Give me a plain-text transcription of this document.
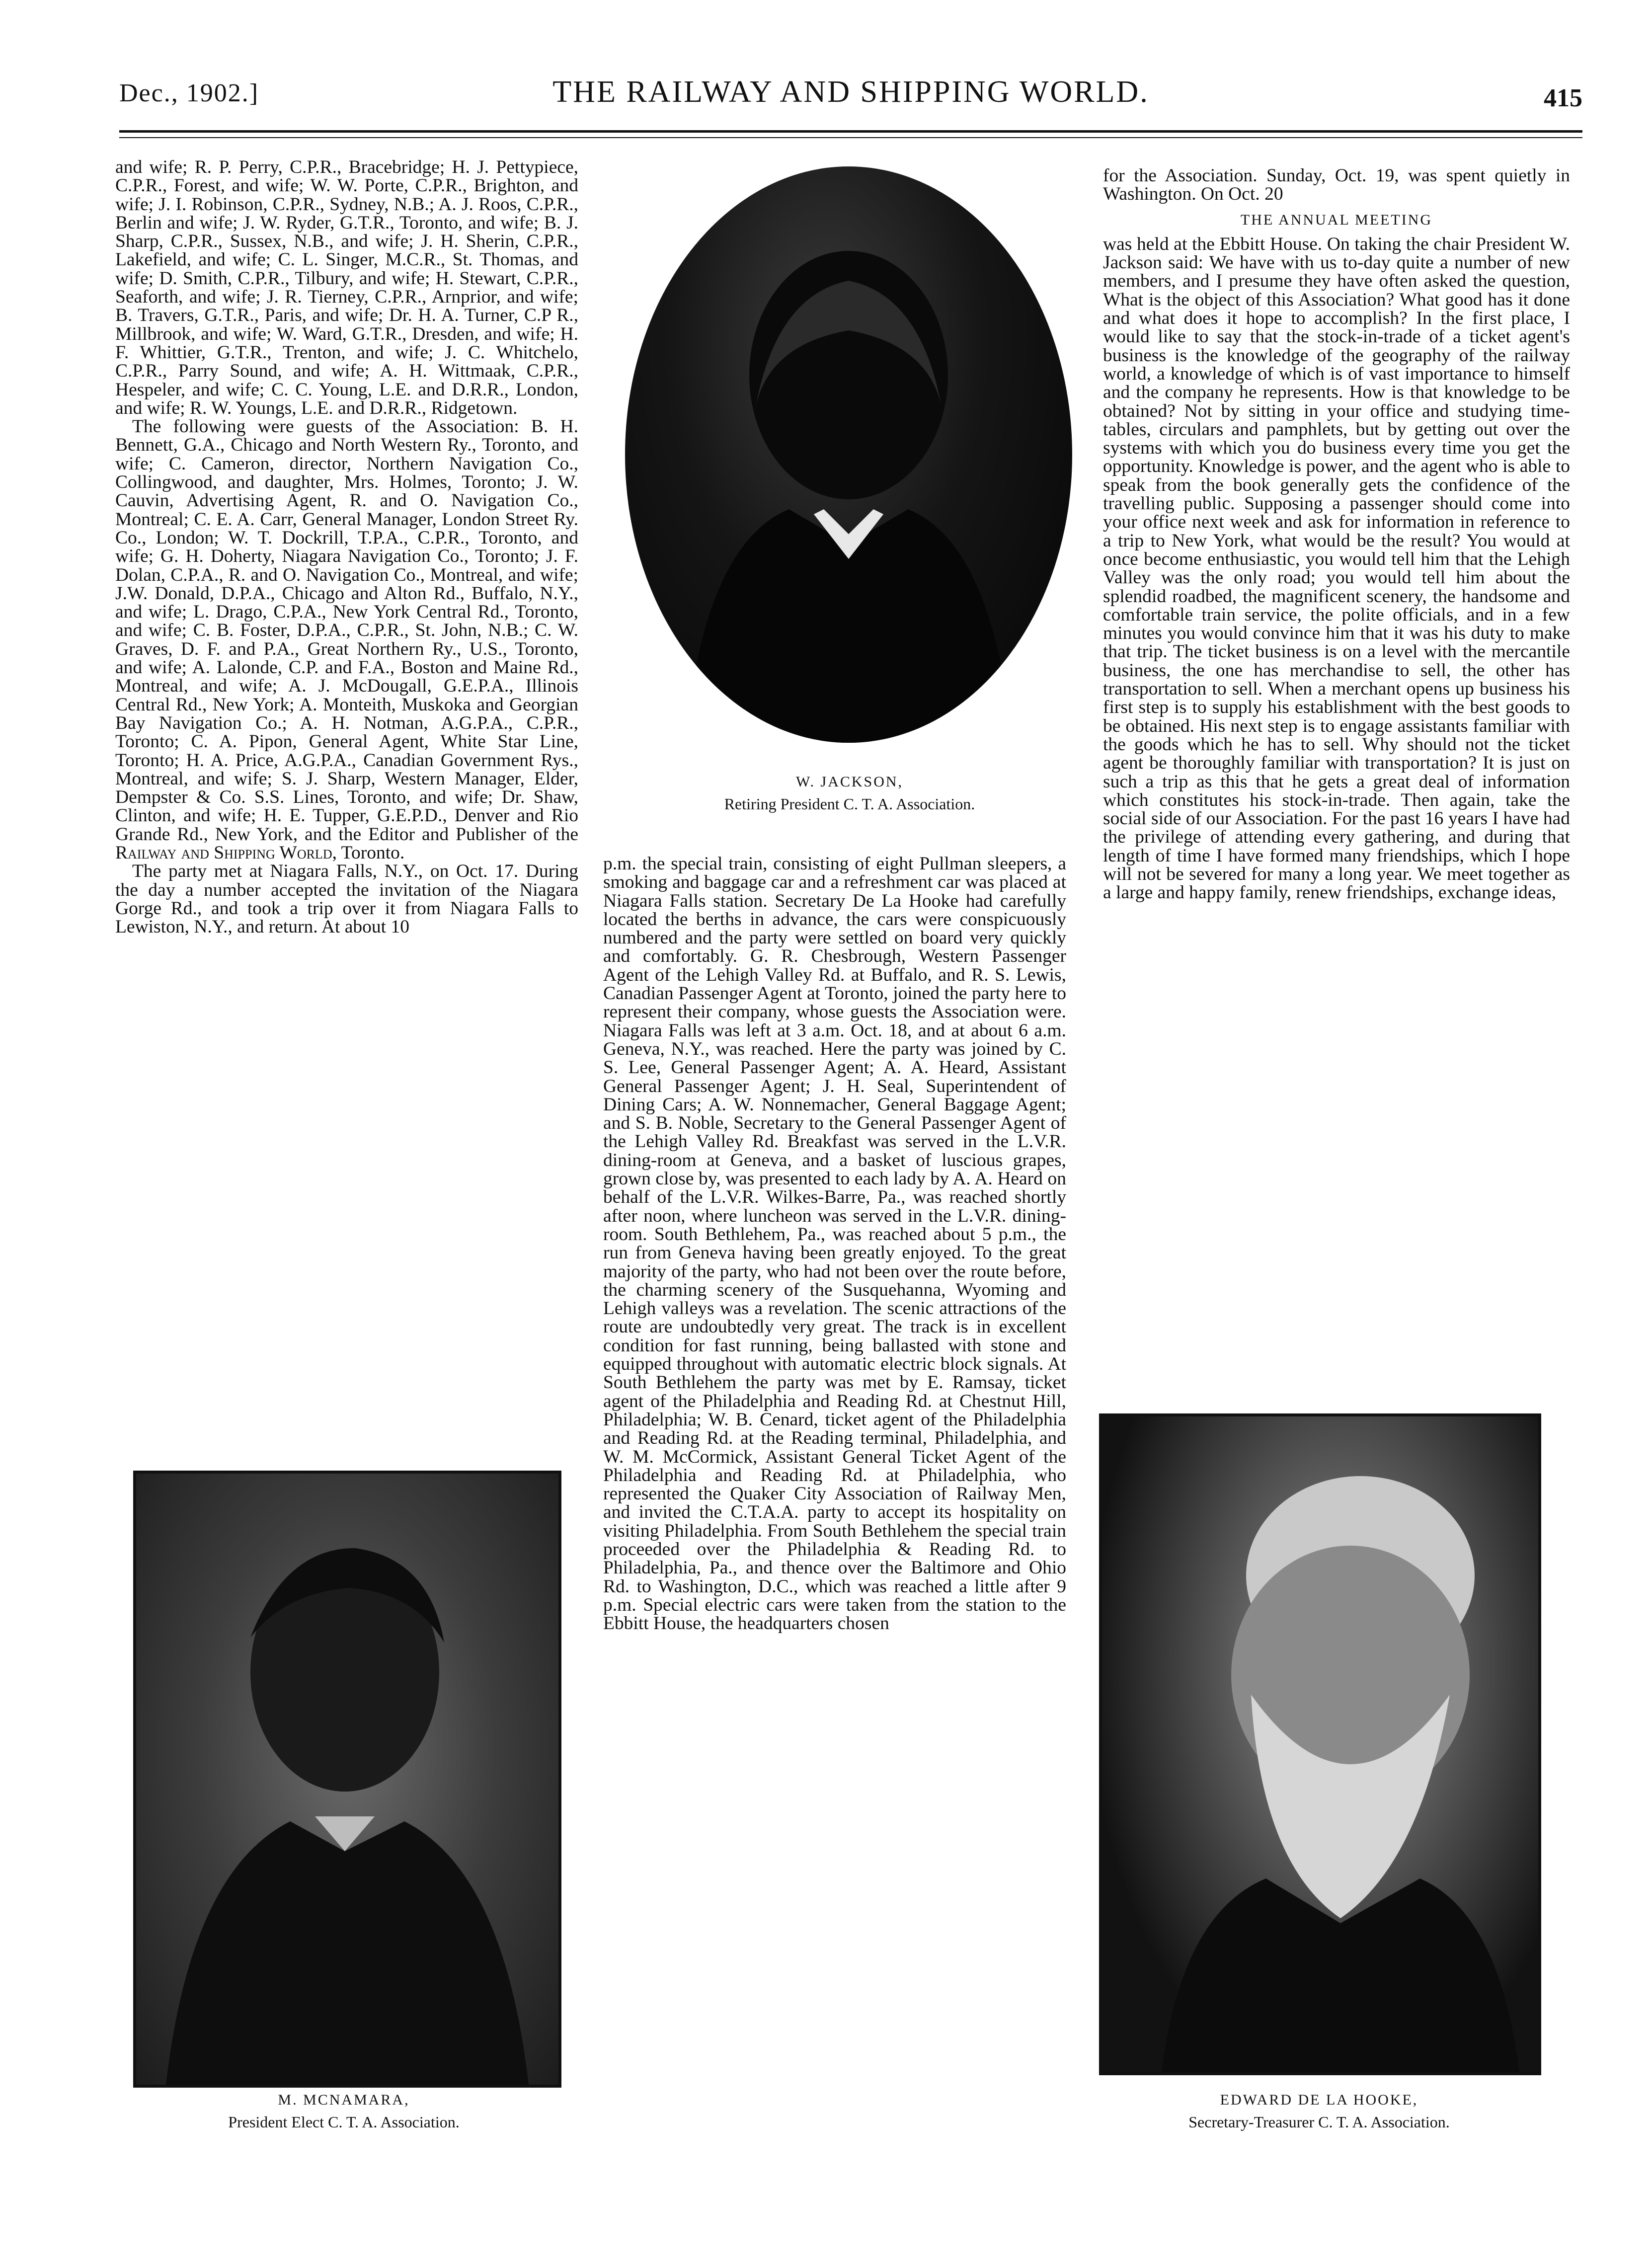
Dec., 1902.]	THE RAILWAY AND SHIPPING WORLD.	415

and wife; R. P. Perry, C.P.R., Bracebridge; H. J. Pettypiece, C.P.R., Forest, and wife; W. W. Porte, C.P.R., Brighton, and wife; J. I. Robinson, C.P.R., Sydney, N.B.; A. J. Roos, C.P.R., Berlin and wife; J. W. Ryder, G.T.R., Toronto, and wife; B. J. Sharp, C.P.R., Sussex, N.B., and wife; J. H. Sherin, C.P.R., Lakefield, and wife; C. L. Singer, M.C.R., St. Thomas, and wife; D. Smith, C.P.R., Tilbury, and wife; H. Stewart, C.P.R., Seaforth, and wife; J. R. Tierney, C.P.R., Arnprior, and wife; B. Travers, G.T.R., Paris, and wife; Dr. H. A. Turner, C.P R., Millbrook, and wife; W. Ward, G.T.R., Dresden, and wife; H. F. Whittier, G.T.R., Trenton, and wife; J. C. Whitchelo, C.P.R., Parry Sound, and wife; A. H. Wittmaak, C.P.R., Hespeler, and wife; C. C. Young, L.E. and D.R.R., London, and wife; R. W. Youngs, L.E. and D.R.R., Ridgetown.

The following were guests of the Association: B. H. Bennett, G.A., Chicago and North Western Ry., Toronto, and wife; C. Cameron, director, Northern Navigation Co., Collingwood, and daughter, Mrs. Holmes, Toronto; J. W. Cauvin, Advertising Agent, R. and O. Navigation Co., Montreal; C. E. A. Carr, General Manager, London Street Ry. Co., London; W. T. Dockrill, T.P.A., C.P.R., Toronto, and wife; G. H. Doherty, Niagara Navigation Co., Toronto; J. F. Dolan, C.P.A., R. and O. Navigation Co., Montreal, and wife; J.W. Donald, D.P.A., Chicago and Alton Rd., Buffalo, N.Y., and wife; L. Drago, C.P.A., New York Central Rd., Toronto, and wife; C. B. Foster, D.P.A., C.P.R., St. John, N.B.; C. W. Graves, D. F. and P.A., Great Northern Ry., U.S., Toronto, and wife; A. Lalonde, C.P. and F.A., Boston and Maine Rd., Montreal, and wife; A. J. McDougall, G.E.P.A., Illinois Central Rd., New York; A. Monteith, Muskoka and Georgian Bay Navigation Co.; A. H. Notman, A.G.P.A., C.P.R., Toronto; C. A. Pipon, General Agent, White Star Line, Toronto; H. A. Price, A.G.P.A., Canadian Government Rys., Montreal, and wife; S. J. Sharp, Western Manager, Elder, Dempster & Co. S.S. Lines, Toronto, and wife; Dr. Shaw, Clinton, and wife; H. E. Tupper, G.E.P.D., Denver and Rio Grande Rd., New York, and the Editor and Publisher of the Railway and Shipping World, Toronto.

The party met at Niagara Falls, N.Y., on Oct. 17. During the day a number accepted the invitation of the Niagara Gorge Rd., and took a trip over it from Niagara Falls to Lewiston, N.Y., and return. At about 10

W. JACKSON,
Retiring President C. T. A. Association.

p.m. the special train, consisting of eight Pullman sleepers, a smoking and baggage car and a refreshment car was placed at Niagara Falls station. Secretary De La Hooke had carefully located the berths in advance, the cars were conspicuously numbered and the party were settled on board very quickly and comfortably. G. R. Chesbrough, Western Passenger Agent of the Lehigh Valley Rd. at Buffalo, and R. S. Lewis, Canadian Passenger Agent at Toronto, joined the party here to represent their company, whose guests the Association were. Niagara Falls was left at 3 a.m. Oct. 18, and at about 6 a.m. Geneva, N.Y., was reached. Here the party was joined by C. S. Lee, General Passenger Agent; A. A. Heard, Assistant General Passenger Agent; J. H. Seal, Superintendent of Dining Cars; A. W. Nonnemacher, General Baggage Agent; and S. B. Noble, Secretary to the General Passenger Agent of the Lehigh Valley Rd. Breakfast was served in the L.V.R. dining-room at Geneva, and a basket of luscious grapes, grown close by, was presented to each lady by A. A. Heard on behalf of the L.V.R. Wilkes-Barre, Pa., was reached shortly after noon, where luncheon was served in the L.V.R. dining-room. South Bethlehem, Pa., was reached about 5 p.m., the run from Geneva having been greatly enjoyed. To the great majority of the party, who had not been over the route before, the charming scenery of the Susquehanna, Wyoming and Lehigh valleys was a revelation. The scenic attractions of the route are undoubtedly very great. The track is in excellent condition for fast running, being ballasted with stone and equipped throughout with automatic electric block signals. At South Bethlehem the party was met by E. Ramsay, ticket agent of the Philadelphia and Reading Rd. at Chestnut Hill, Philadelphia; W. B. Cenard, ticket agent of the Philadelphia and Reading Rd. at the Reading terminal, Philadelphia, and W. M. McCormick, Assistant General Ticket Agent of the Philadelphia and Reading Rd. at Philadelphia, who represented the Quaker City Association of Railway Men, and invited the C.T.A.A. party to accept its hospitality on visiting Philadelphia. From South Bethlehem the special train proceeded over the Philadelphia & Reading Rd. to Philadelphia, Pa., and thence over the Baltimore and Ohio Rd. to Washington, D.C., which was reached a little after 9 p.m. Special electric cars were taken from the station to the Ebbitt House, the headquarters chosen

for the Association. Sunday, Oct. 19, was spent quietly in Washington. On Oct. 20

THE ANNUAL MEETING

was held at the Ebbitt House. On taking the chair President W. Jackson said: We have with us to-day quite a number of new members, and I presume they have often asked the question, What is the object of this Association? What good has it done and what does it hope to accomplish? In the first place, I would like to say that the stock-in-trade of a ticket agent's business is the knowledge of the geography of the railway world, a knowledge of which is of vast importance to himself and the company he represents. How is that knowledge to be obtained? Not by sitting in your office and studying time-tables, circulars and pamphlets, but by getting out over the systems with which you do business every time you get the opportunity. Knowledge is power, and the agent who is able to speak from the book generally gets the confidence of the travelling public. Supposing a passenger should come into your office next week and ask for information in reference to a trip to New York, what would be the result? You would at once become enthusiastic, you would tell him that the Lehigh Valley was the only road; you would tell him about the splendid roadbed, the magnificent scenery, the handsome and comfortable train service, the polite officials, and in a few minutes you would convince him that it was his duty to make that trip. The ticket business is on a level with the mercantile business, the one has merchandise to sell, the other has transportation to sell. When a merchant opens up business his first step is to supply his establishment with the best goods to be obtained. His next step is to engage assistants familiar with the goods which he has to sell. Why should not the ticket agent be thoroughly familiar with transportation? It is just on such a trip as this that he gets a great deal of information which constitutes his stock-in-trade. Then again, take the social side of our Association. For the past 16 years I have had the privilege of attending every gathering, and during that length of time I have formed many friendships, which I hope will not be severed for many a long year. We meet together as a large and happy family, renew friendships, exchange ideas,

M. MCNAMARA,
President Elect C. T. A. Association.
EDWARD DE LA HOOKE,
Secretary-Treasurer C. T. A. Association.
